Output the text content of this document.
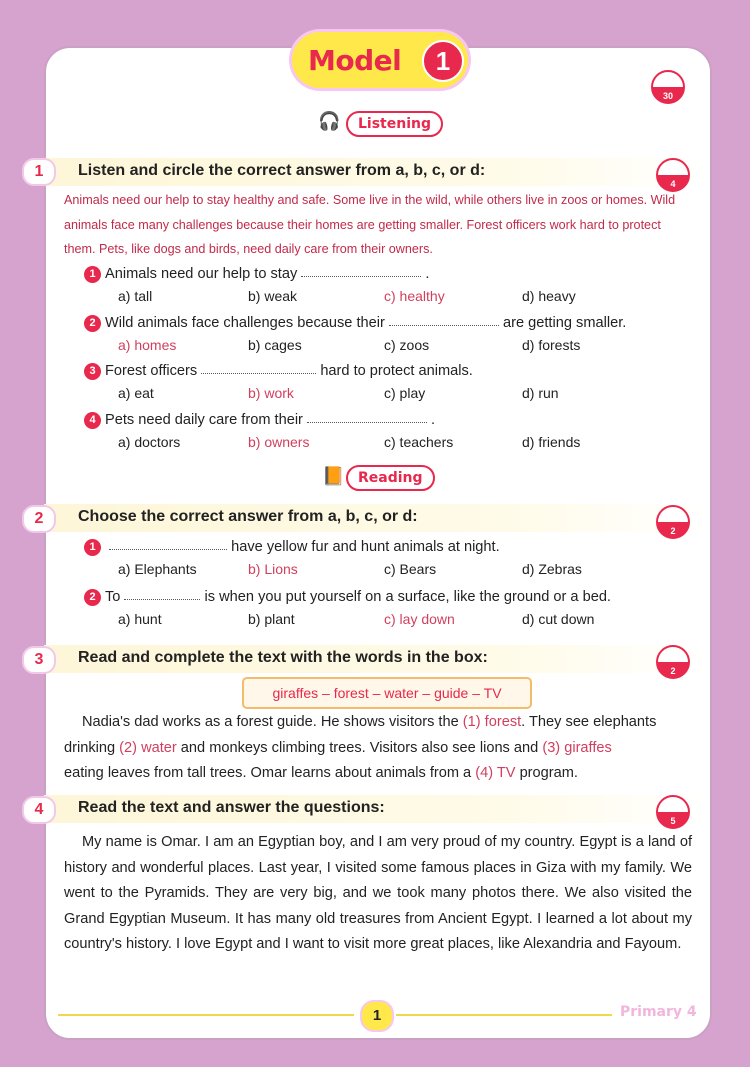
Model	1
30
🎧	Listening
1	Listen and circle the correct answer from a, b, c, or d:
4
Animals need our help to stay healthy and safe. Some live in the wild, while others live in zoos or homes. Wild animals face many challenges because their homes are getting smaller. Forest officers work hard to protect them. Pets, like dogs and birds, need daily care from their owners.
1 Animals need our help to stay	.
a) tall	b) weak	c) healthy	d) heavy
2 Wild animals face challenges because their	are getting smaller.
a) homes	b) cages	c) zoos	d) forests
3 Forest officers	hard to protect animals.
a) eat	b) work	c) play	d) run
4 Pets need daily care from their	.
a) doctors	b) owners	c) teachers	d) friends
📙 Reading
2	Choose the correct answer from a, b, c, or d:
2
1	have yellow fur and hunt animals at night.
a) Elephants	b) Lions	c) Bears	d) Zebras
2 To	is when you put yourself on a surface, like the ground or a bed.
a) hunt	b) plant	c) lay down	d) cut down
3	Read and complete the text with the words in the box:
2
giraffes – forest – water – guide – TV
Nadia's dad works as a forest guide. He shows visitors the (1) forest. They see elephants
drinking (2) water and monkeys climbing trees. Visitors also see lions and (3) giraffes
eating leaves from tall trees. Omar learns about animals from a (4) TV program.
4	Read the text and answer the questions:
5
My name is Omar. I am an Egyptian boy, and I am very proud of my country. Egypt is a land of history and wonderful places. Last year, I visited some famous places in Giza with my family. We went to the Pyramids. They are very big, and we took many photos there. We also visited the Grand Egyptian Museum. It has many old treasures from Ancient Egypt. I learned a lot about my country's history. I love Egypt and I want to visit more great places, like Alexandria and Fayoum.
1	Primary 4
